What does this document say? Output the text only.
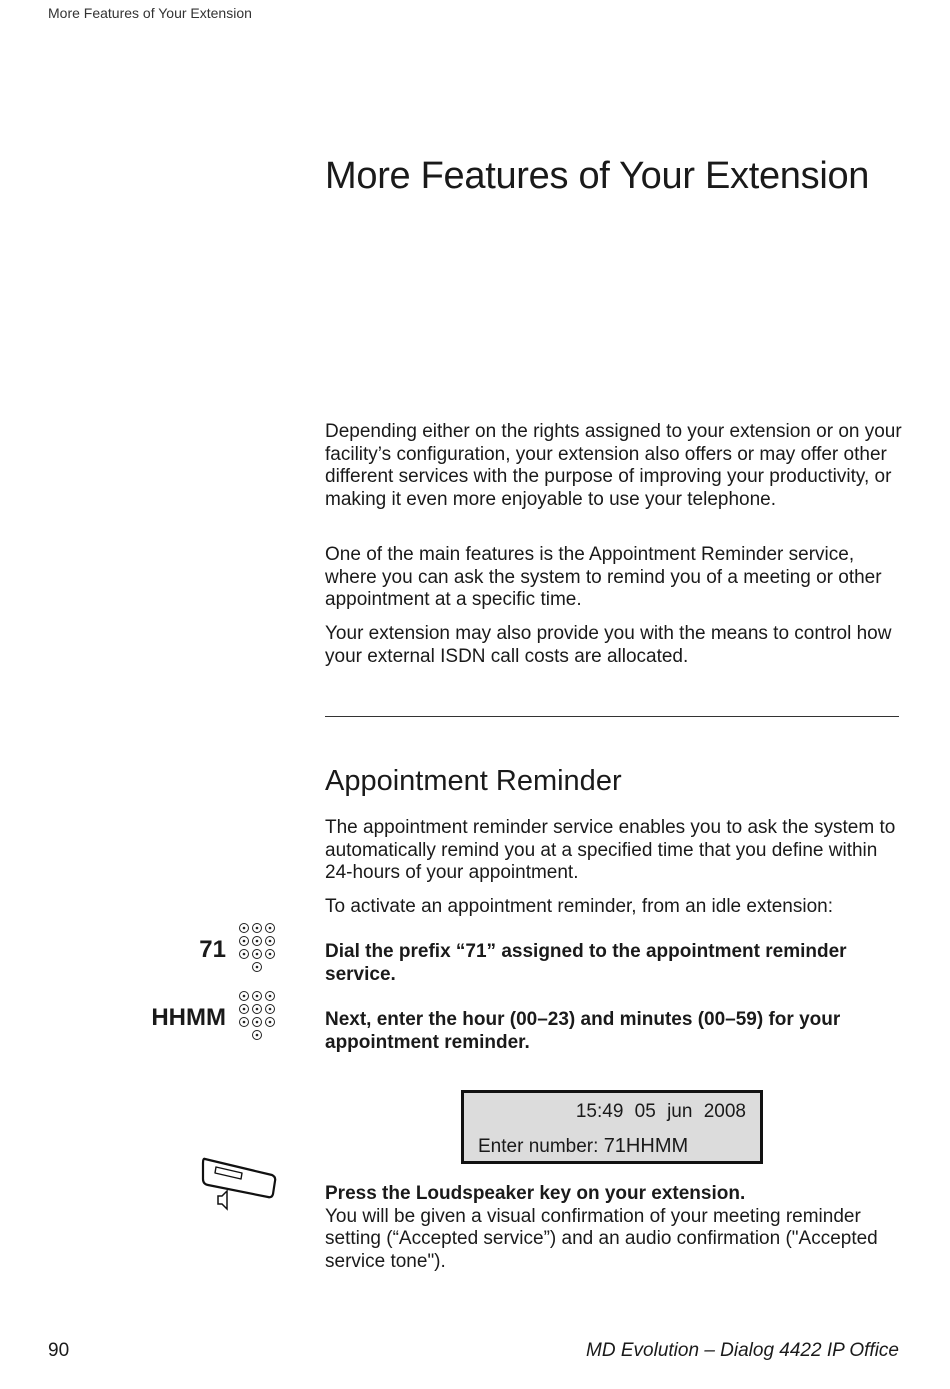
More Features of Your Extension
More Features of Your Extension

Depending either on the rights assigned to your extension or on your facility’s configuration, your extension also offers or may offer other different services with the purpose of improving your productivity, or making it even more enjoyable to use your telephone.

One of the main features is the Appointment Reminder service, where you can ask the system to remind you of a meeting or other appointment at a specific time.

Your extension may also provide you with the means to control how your external ISDN call costs are allocated.

Appointment Reminder

The appointment reminder service enables you to ask the system to automatically remind you at a specified time that you define within 24-hours of your appointment.

To activate an appointment reminder, from an idle extension:

71	Dial the prefix “71” assigned to the appointment reminder service.

HHMM	Next, enter the hour (00–23) and minutes (00–59) for your appointment reminder.

15:49 05 jun 2008
Enter number: 71HHMM

Press the Loudspeaker key on your extension.
You will be given a visual confirmation of your meeting reminder setting (“Accepted service”) and an audio confirmation ("Accepted service tone").

90	MD Evolution – Dialog 4422 IP Office
